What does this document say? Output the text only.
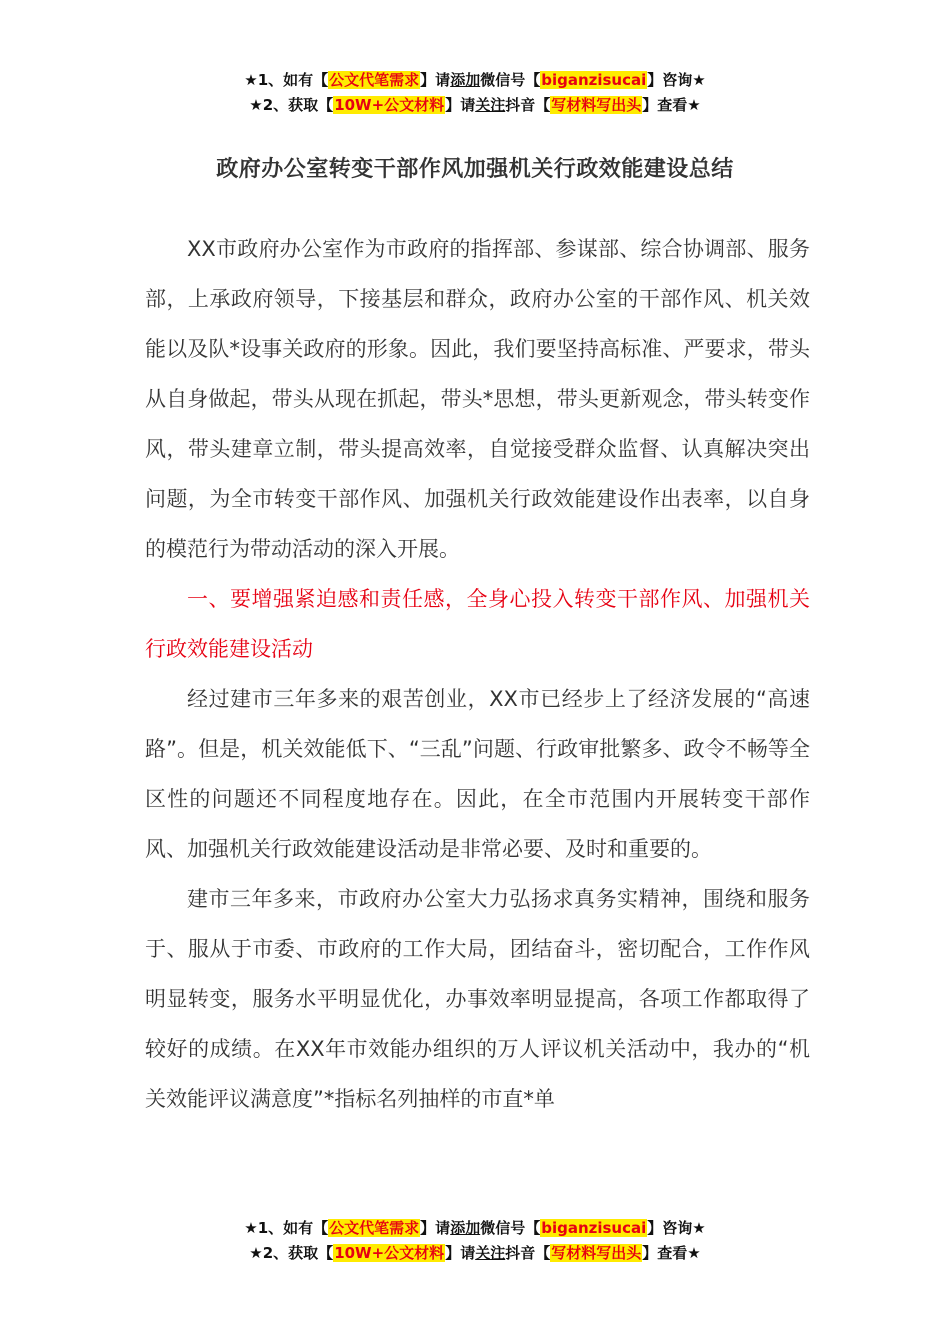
★1、如有【公文代笔需求】请添加微信号【biganzisucai】咨询★
★2、获取【10W+公文材料】请关注抖音【写材料写出头】查看★
政府办公室转变干部作风加强机关行政效能建设总结

XX市政府办公室作为市政府的指挥部、参谋部、综合协调部、服务部，上承政府领导，下接基层和群众，政府办公室的干部作风、机关效能以及队*设事关政府的形象。因此，我们要坚持高标准、严要求，带头从自身做起，带头从现在抓起，带头*思想，带头更新观念，带头转变作风，带头建章立制，带头提高效率，自觉接受群众监督、认真解决突出问题，为全市转变干部作风、加强机关行政效能建设作出表率，以自身的模范行为带动活动的深入开展。

一、要增强紧迫感和责任感，全身心投入转变干部作风、加强机关行政效能建设活动

经过建市三年多来的艰苦创业，XX市已经步上了经济发展的“高速路”。但是，机关效能低下、“三乱”问题、行政审批繁多、政令不畅等全区性的问题还不同程度地存在。因此，在全市范围内开展转变干部作风、加强机关行政效能建设活动是非常必要、及时和重要的。

建市三年多来，市政府办公室大力弘扬求真务实精神，围绕和服务于、服从于市委、市政府的工作大局，团结奋斗，密切配合，工作作风明显转变，服务水平明显优化，办事效率明显提高，各项工作都取得了较好的成绩。在XX年市效能办组织的万人评议机关活动中，我办的“机关效能评议满意度”*指标名列抽样的市直*单

★1、如有【公文代笔需求】请添加微信号【biganzisucai】咨询★
★2、获取【10W+公文材料】请关注抖音【写材料写出头】查看★
